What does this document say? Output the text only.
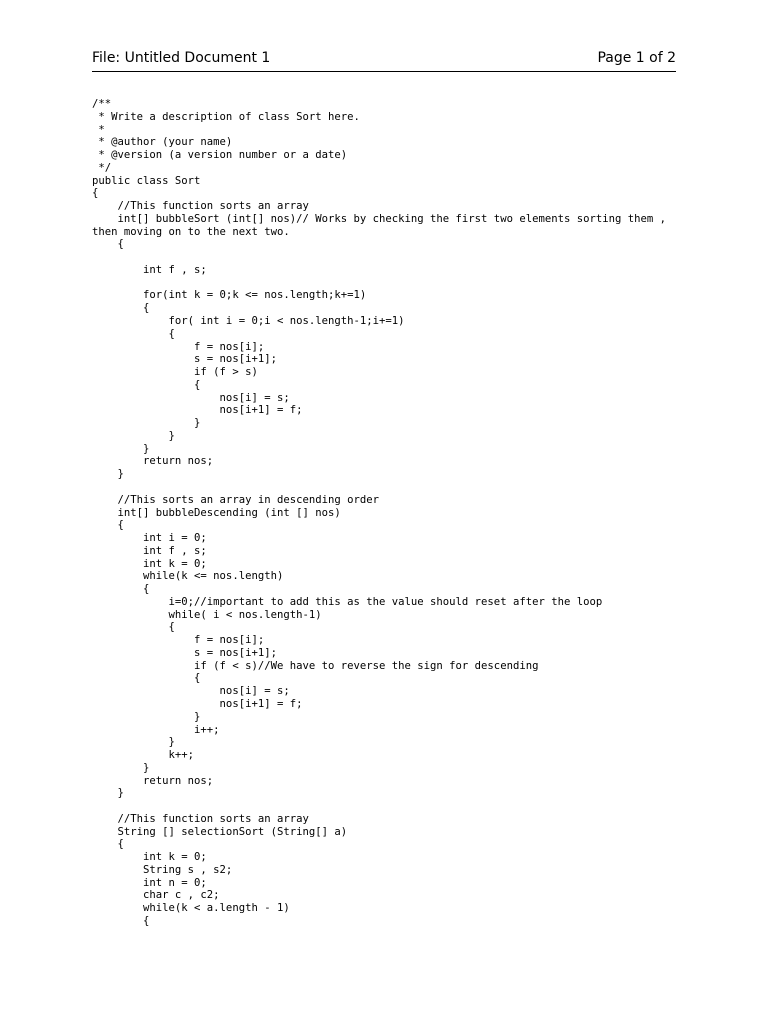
File: Untitled Document 1	Page 1 of 2
/**
* Write a description of class Sort here.
*
* @author (your name)
* @version (a version number or a date)
*/
public class Sort
{
//This function sorts an array
int[] bubbleSort (int[] nos)// Works by checking the first two elements sorting them ,
then moving on to the next two.
{
int f , s;
for(int k = 0;k <= nos.length;k+=1)
{
for( int i = 0;i < nos.length-1;i+=1)
{
f = nos[i];
s = nos[i+1];
if (f > s)
{
nos[i] = s;
nos[i+1] = f;
}
}
}
return nos;
}
//This sorts an array in descending order
int[] bubbleDescending (int [] nos)
{
int i = 0;
int f , s;
int k = 0;
while(k <= nos.length)
{
i=0;//important to add this as the value should reset after the loop
while( i < nos.length-1)
{
f = nos[i];
s = nos[i+1];
if (f < s)//We have to reverse the sign for descending
{
nos[i] = s;
nos[i+1] = f;
}
i++;
}
k++;
}
return nos;
}
//This function sorts an array
String [] selectionSort (String[] a)
{
int k = 0;
String s , s2;
int n = 0;
char c , c2;
while(k < a.length - 1)
{
